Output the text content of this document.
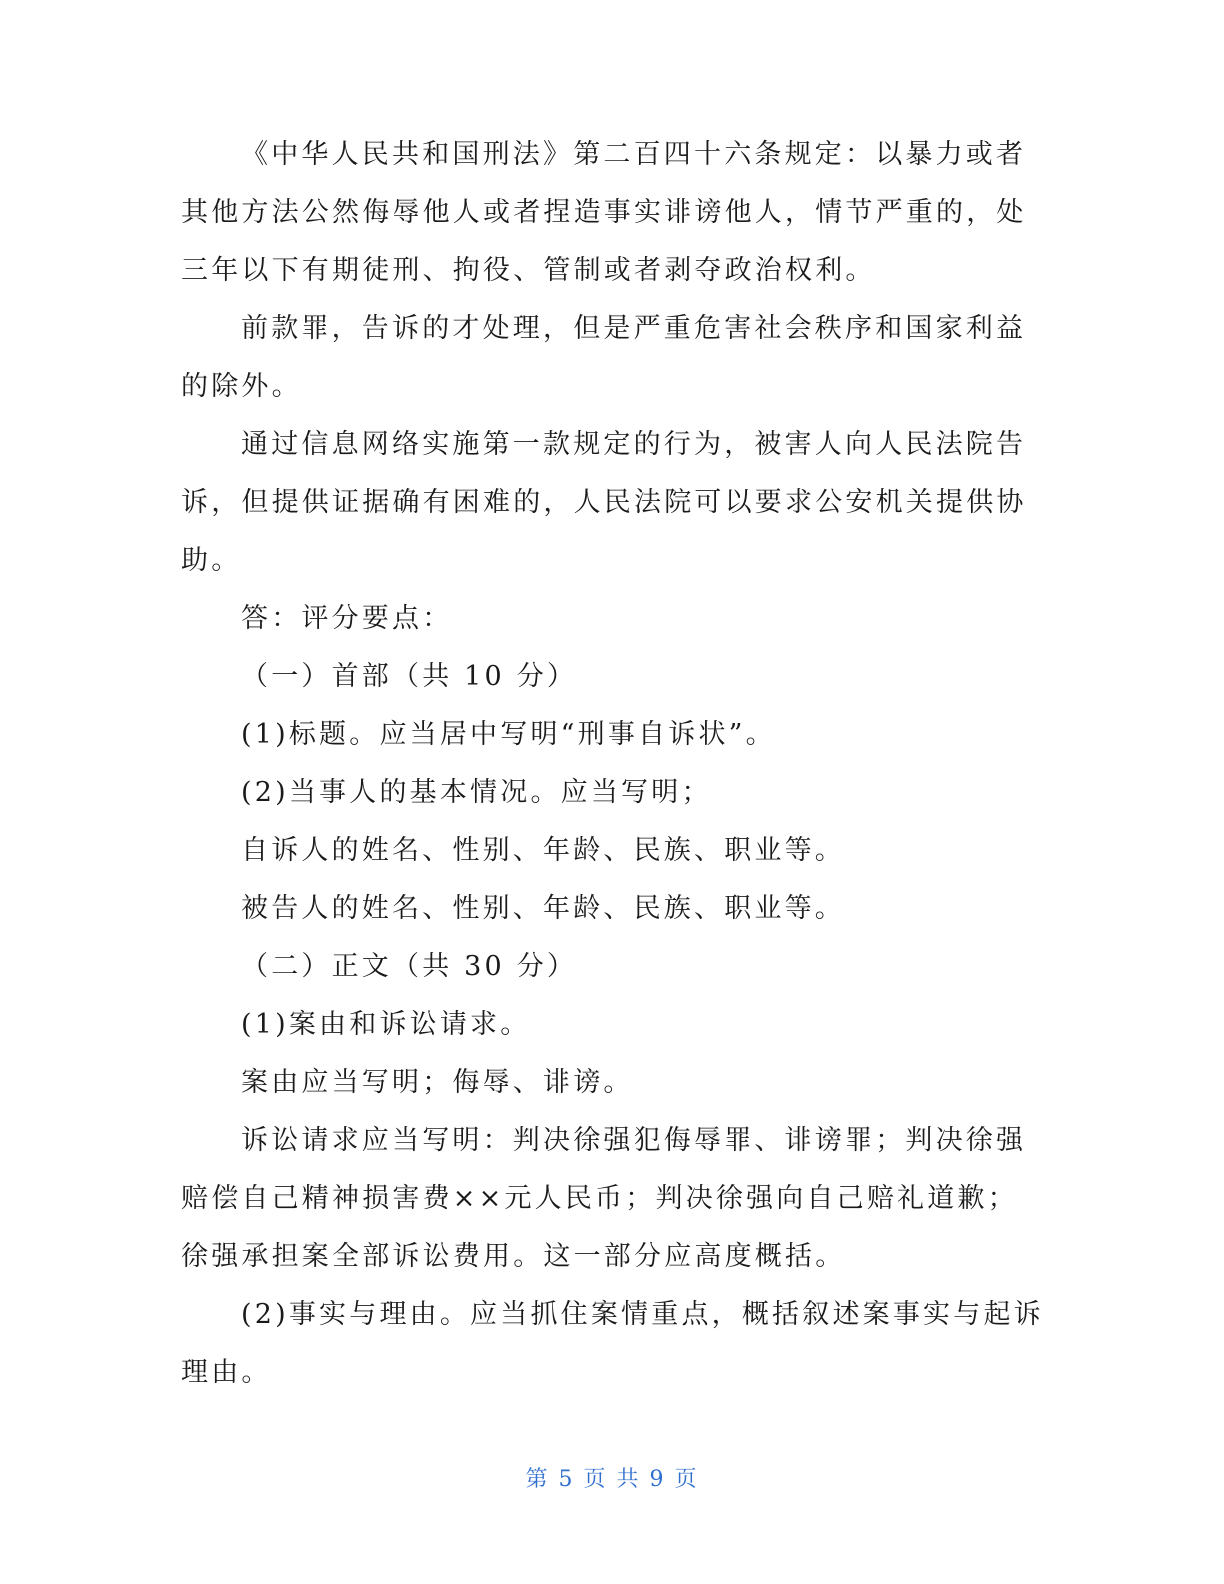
《中华人民共和国刑法》第二百四十六条规定：以暴力或者
其他方法公然侮辱他人或者捏造事实诽谤他人，情节严重的，处
三年以下有期徒刑、拘役、管制或者剥夺政治权利。
前款罪，告诉的才处理，但是严重危害社会秩序和国家利益
的除外。
通过信息网络实施第一款规定的行为，被害人向人民法院告
诉，但提供证据确有困难的，人民法院可以要求公安机关提供协
助。
答：评分要点：
（一）首部（共 10 分）
(1)标题。应当居中写明“刑事自诉状”。
(2)当事人的基本情况。应当写明；
自诉人的姓名、性别、年龄、民族、职业等。
被告人的姓名、性别、年龄、民族、职业等。
（二）正文（共 30 分）
(1)案由和诉讼请求。
案由应当写明；侮辱、诽谤。
诉讼请求应当写明：判决徐强犯侮辱罪、诽谤罪；判决徐强
赔偿自己精神损害费××元人民币；判决徐强向自己赔礼道歉；
徐强承担案全部诉讼费用。这一部分应高度概括。
(2)事实与理由。应当抓住案情重点，概括叙述案事实与起诉
理由。
第 5 页 共 9 页
